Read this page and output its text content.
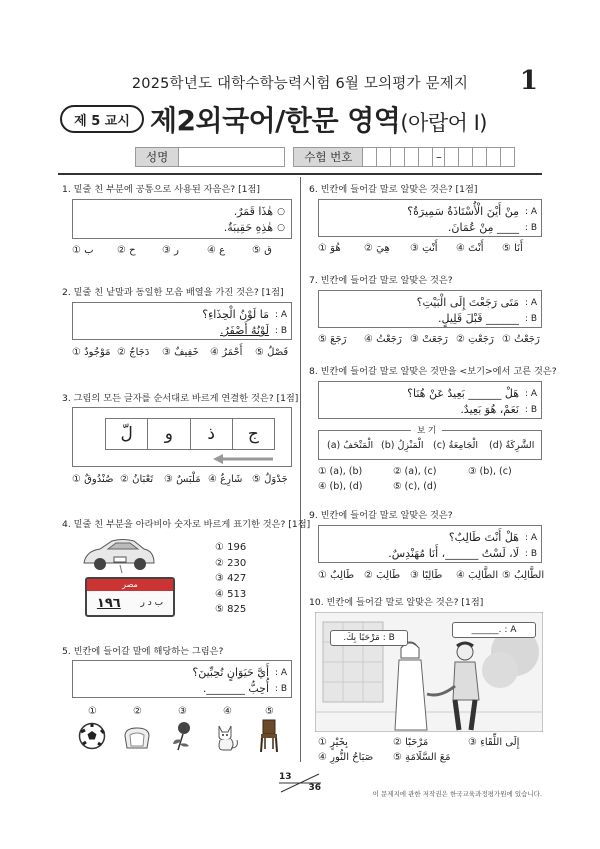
2025학년도 대학수학능력시험 6월 모의평가 문제지	1
제 5 교시 제2외국어/한문 영역(아랍어 Ⅰ)
성명	수험 번호	–
1. 밑줄 친 부분에 공통으로 사용된 자음은? [1점]
هٰذَا قَمَرٌ. ○
هٰذِهِ حَقِيبَةٌ. ○
① ب	② ح	③ ر	④ ع	⑤ ق
2. 밑줄 친 낱말과 동일한 모음 배열을 가진 것은? [1점]
مَا لَوْنُ الْحِذَاءِ؟ : A
لَوْنُهُ أَصْفَرُ. : B
① مَوْجُودٌ ② دَجَاجٌ	③ خَفِيفٌ	④ أَحْمَرُ	⑤ فَصْلٌ
3. 그림의 모든 글자를 순서대로 바르게 연결한 것은? [1점]
لّ	و	ذ	ج
① صُنْدُوقٌ ② تَعْبَانُ	③ مَلْبَسٌ ④ شَارِعٌ ⑤ جَدْوَلٌ
4. 밑줄 친 부분을 아라비아 숫자로 바르게 표기한 것은? [1점]
مصر
١٩٦ ب د ر
① 196
② 230
③ 427
④ 513
⑤ 825
5. 빈칸에 들어갈 말에 해당하는 그림은?
أَيَّ حَيَوَانٍ تُحِبِّينَ؟ : A
أُحِبُّ _______. : B
①	②	③	④	⑤
6. 빈칸에 들어갈 말로 알맞은 것은? [1점]
مِنْ أَيْنَ الْأُسْتَاذَةُ سَمِيرَةُ؟ : A
____ مِنْ عُمَانَ. : B
① هُوَ	② هِيَ	③ أَنْتِ	④ أَنْتَ	⑤ أَنَا
7. 빈칸에 들어갈 말로 알맞은 것은?
مَتَى رَجَعْتَ إِلَى الْبَيْتِ؟ : A
______ قَبْلَ قَلِيلٍ. : B
⑤ رَجَعَ	④ رَجَعْتُ ③ رَجَعَتْ ② رَجَعْتِ ① رَجَعْتُ
8. 빈칸에 들어갈 말로 알맞은 것만을 <보기>에서 고른 것은?
هَلْ ______ بَعِيدٌ عَنْ هُنَا؟ : A
نَعَمْ، هُوَ بَعِيدٌ. : B
보 기
(a) الْمَتْحَفُ (b) الْمَنْزِلُ (c) الْجَامِعَةُ	(d) الشَّرِكَةُ
① (a), (b)	② (a), (c)	③ (b), (c)
④ (b), (d)	⑤ (c), (d)
9. 빈칸에 들어갈 말로 알맞은 것은?
هَلْ أَنْتَ طَالِبٌ؟ : A
لَا، لَسْتُ ______، أَنَا مُهَنْدِسٌ. : B
① طَالِبٌ ② طَالِبَ ③ طَالِبًا	④ الطَّالِبَ ⑤ الطَّالِبُ
10. 빈칸에 들어갈 말로 알맞은 것은? [1점]
B : مَرْحَبًا بِكَ.
______. : A
① بِخَيْرٍ	② مَرْحَبًا	③ إِلَى اللِّقَاءِ
④ صَبَاحُ النُّورِ	⑤ مَعَ السَّلَامَةِ
13
36
이 문제지에 관한 저작권은 한국교육과정평가원에 있습니다.
